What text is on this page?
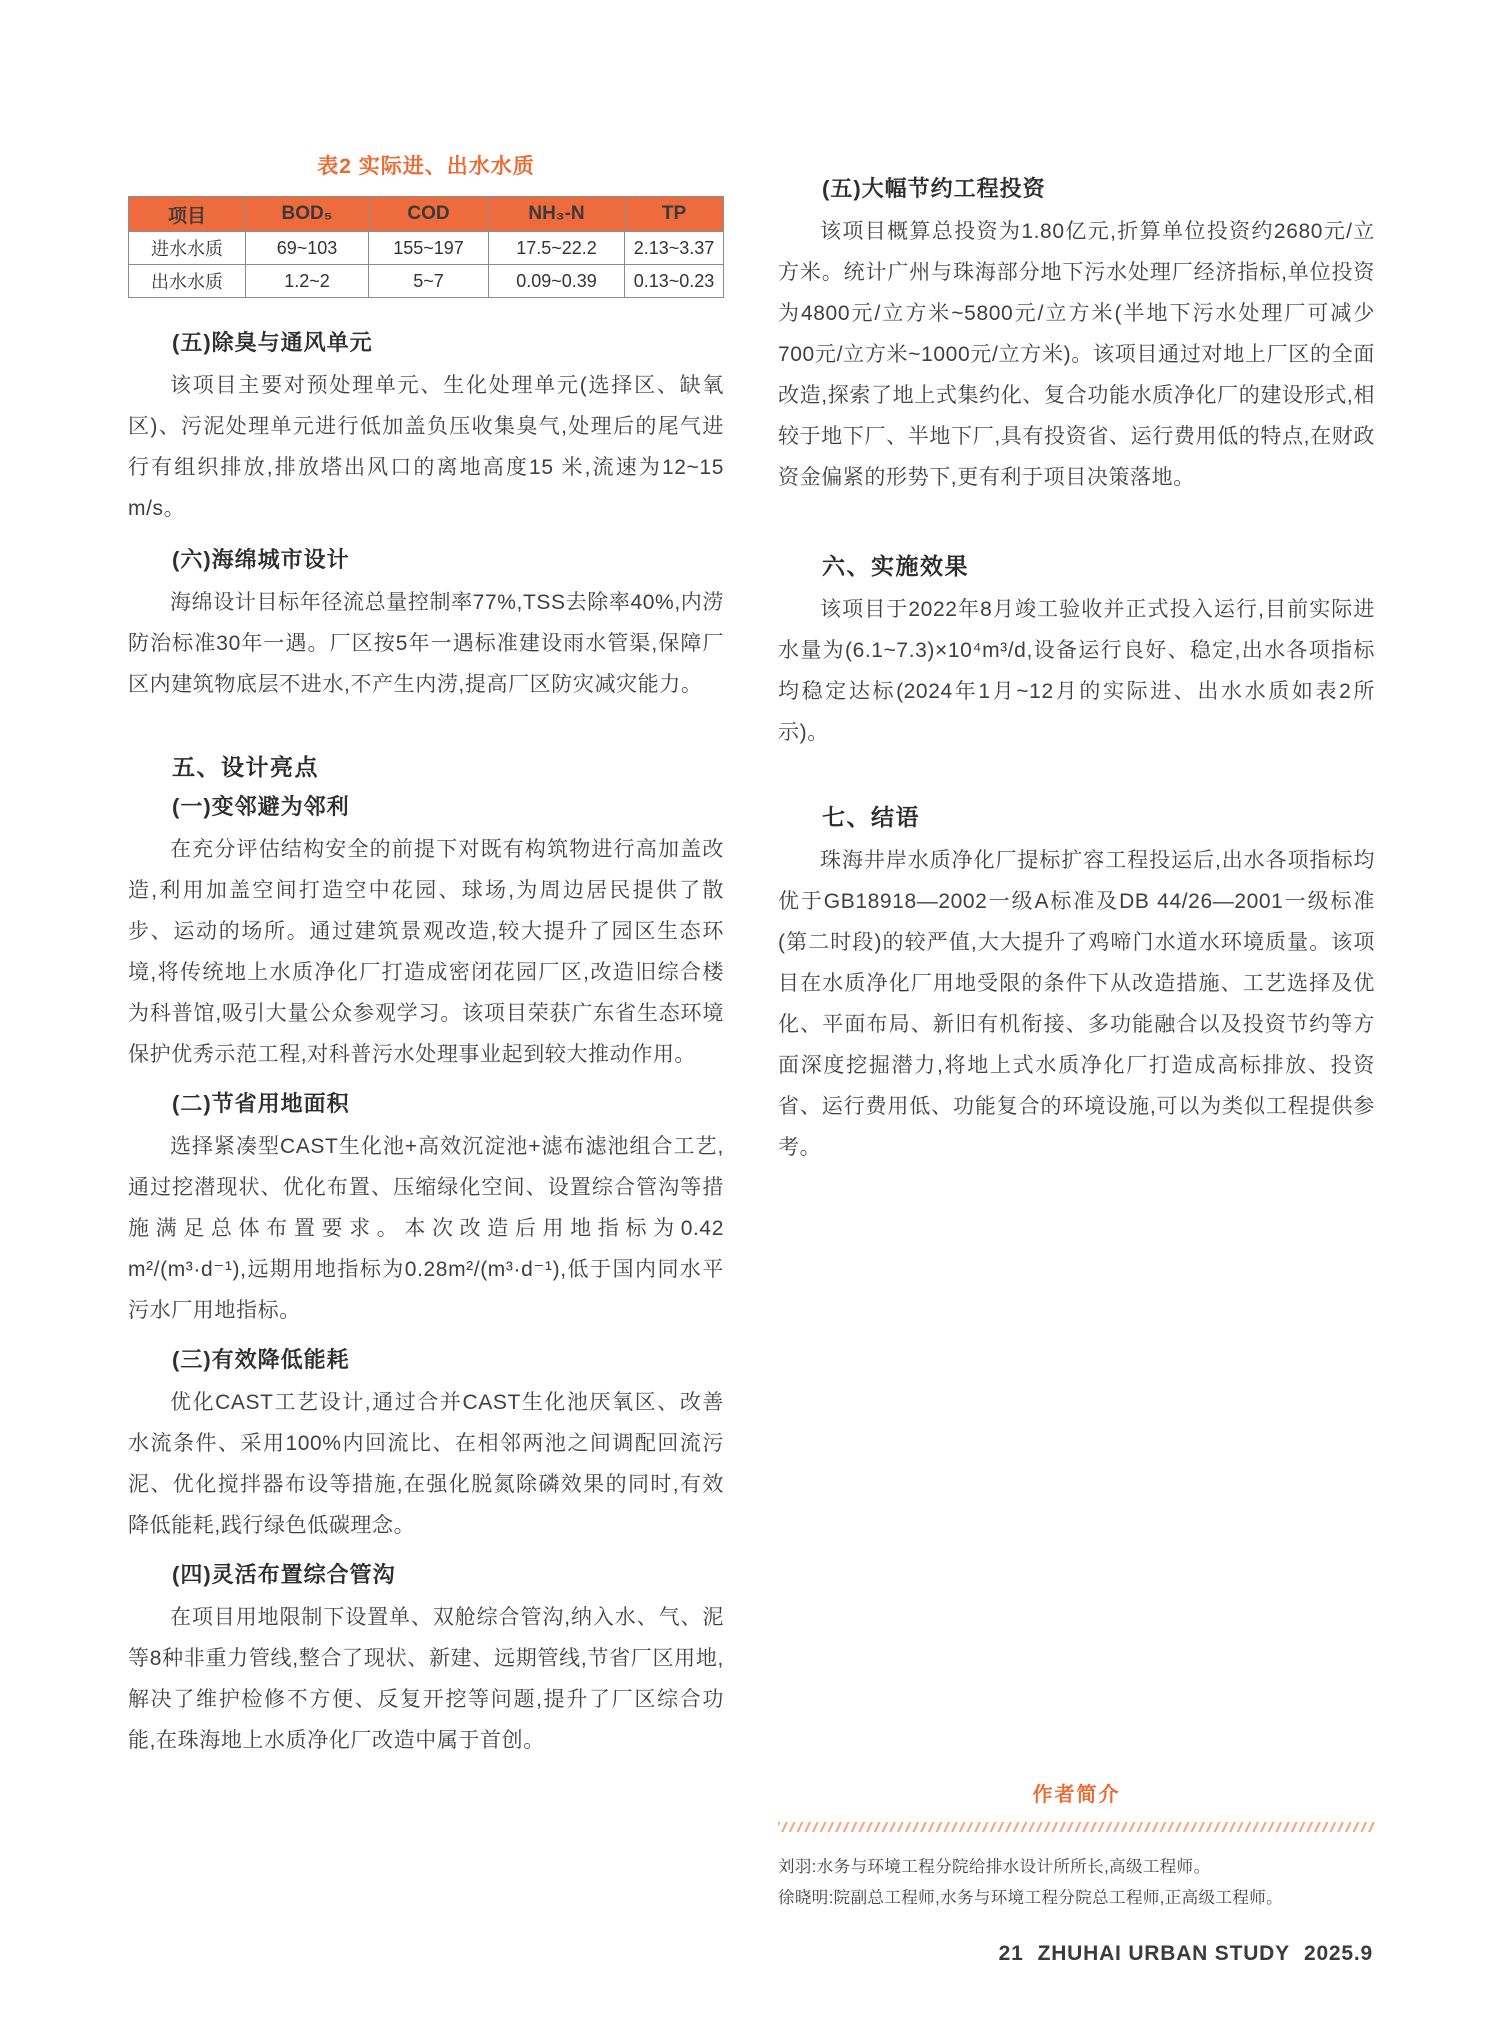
表2 实际进、出水水质
项目	BOD₅	COD	NH₃-N	TP
进水水质	69~103	155~197	17.5~22.2	2.13~3.37
出水水质	1.2~2	5~7	0.09~0.39	0.13~0.23
(五)除臭与通风单元

该项目主要对预处理单元、生化处理单元(选择区、缺氧区)、污泥处理单元进行低加盖负压收集臭气,处理后的尾气进行有组织排放,排放塔出风口的离地高度15 米,流速为12~15 m/s。

(六)海绵城市设计

海绵设计目标年径流总量控制率77%,TSS去除率40%,内涝防治标准30年一遇。厂区按5年一遇标准建设雨水管渠,保障厂区内建筑物底层不进水,不产生内涝,提高厂区防灾减灾能力。

五、设计亮点
(一)变邻避为邻利

在充分评估结构安全的前提下对既有构筑物进行高加盖改造,利用加盖空间打造空中花园、球场,为周边居民提供了散步、运动的场所。通过建筑景观改造,较大提升了园区生态环境,将传统地上水质净化厂打造成密闭花园厂区,改造旧综合楼为科普馆,吸引大量公众参观学习。该项目荣获广东省生态环境保护优秀示范工程,对科普污水处理事业起到较大推动作用。

(二)节省用地面积

选择紧凑型CAST生化池+高效沉淀池+滤布滤池组合工艺,通过挖潜现状、优化布置、压缩绿化空间、设置综合管沟等措施满足总体布置要求。本次改造后用地指标为0.42 m²/(m³·d⁻¹),远期用地指标为0.28m²/(m³·d⁻¹),低于国内同水平污水厂用地指标。

(三)有效降低能耗

优化CAST工艺设计,通过合并CAST生化池厌氧区、改善水流条件、采用100%内回流比、在相邻两池之间调配回流污泥、优化搅拌器布设等措施,在强化脱氮除磷效果的同时,有效降低能耗,践行绿色低碳理念。

(四)灵活布置综合管沟

在项目用地限制下设置单、双舱综合管沟,纳入水、气、泥等8种非重力管线,整合了现状、新建、远期管线,节省厂区用地,解决了维护检修不方便、反复开挖等问题,提升了厂区综合功能,在珠海地上水质净化厂改造中属于首创。

(五)大幅节约工程投资

该项目概算总投资为1.80亿元,折算单位投资约2680元/立方米。统计广州与珠海部分地下污水处理厂经济指标,单位投资为4800元/立方米~5800元/立方米(半地下污水处理厂可减少700元/立方米~1000元/立方米)。该项目通过对地上厂区的全面改造,探索了地上式集约化、复合功能水质净化厂的建设形式,相较于地下厂、半地下厂,具有投资省、运行费用低的特点,在财政资金偏紧的形势下,更有利于项目决策落地。

六、实施效果

该项目于2022年8月竣工验收并正式投入运行,目前实际进水量为(6.1~7.3)×10⁴m³/d,设备运行良好、稳定,出水各项指标均稳定达标(2024年1月~12月的实际进、出水水质如表2所示)。

七、结语

珠海井岸水质净化厂提标扩容工程投运后,出水各项指标均优于GB18918—2002一级A标准及DB 44/26—2001一级标准(第二时段)的较严值,大大提升了鸡啼门水道水环境质量。该项目在水质净化厂用地受限的条件下从改造措施、工艺选择及优化、平面布局、新旧有机衔接、多功能融合以及投资节约等方面深度挖掘潜力,将地上式水质净化厂打造成高标排放、投资省、运行费用低、功能复合的环境设施,可以为类似工程提供参考。

作者简介
刘羽:水务与环境工程分院给排水设计所所长,高级工程师。
徐晓明:院副总工程师,水务与环境工程分院总工程师,正高级工程师。
21 ZHUHAI URBAN STUDY 2025.9
